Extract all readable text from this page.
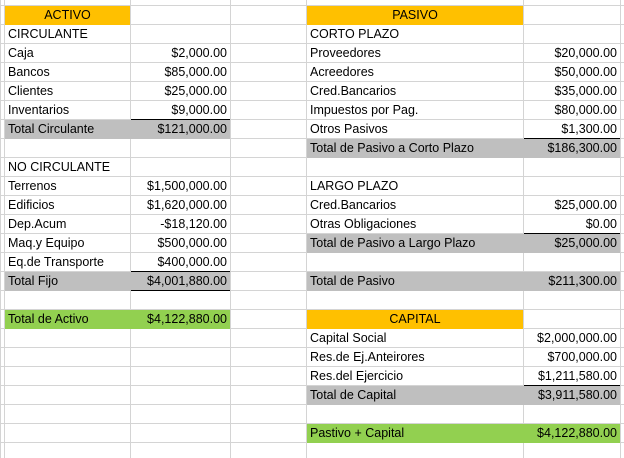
ACTIVO
CIRCULANTE
Caja	$2,000.00
Bancos	$85,000.00
Clientes	$25,000.00
Inventarios	$9,000.00
Total Circulante	$121,000.00
NO CIRCULANTE
Terrenos	$1,500,000.00
Edificios	$1,620,000.00
Dep.Acum	-$18,120.00
Maq.y Equipo	$500,000.00
Eq.de Transporte	$400,000.00
Total Fijo	$4,001,880.00
Total de Activo	$4,122,880.00
PASIVO
CORTO PLAZO
Proveedores	$20,000.00
Acreedores	$50,000.00
Cred.Bancarios	$35,000.00
Impuestos por Pag.	$80,000.00
Otros Pasivos	$1,300.00
Total de Pasivo a Corto Plazo	$186,300.00
LARGO PLAZO
Cred.Bancarios	$25,000.00
Otras Obligaciones	$0.00
Total de Pasivo a Largo Plazo	$25,000.00
Total de Pasivo	$211,300.00
CAPITAL
Capital Social	$2,000,000.00
Res.de Ej.Anteirores	$700,000.00
Res.del Ejercicio	$1,211,580.00
Total de Capital	$3,911,580.00
Pastivo + Capital	$4,122,880.00
